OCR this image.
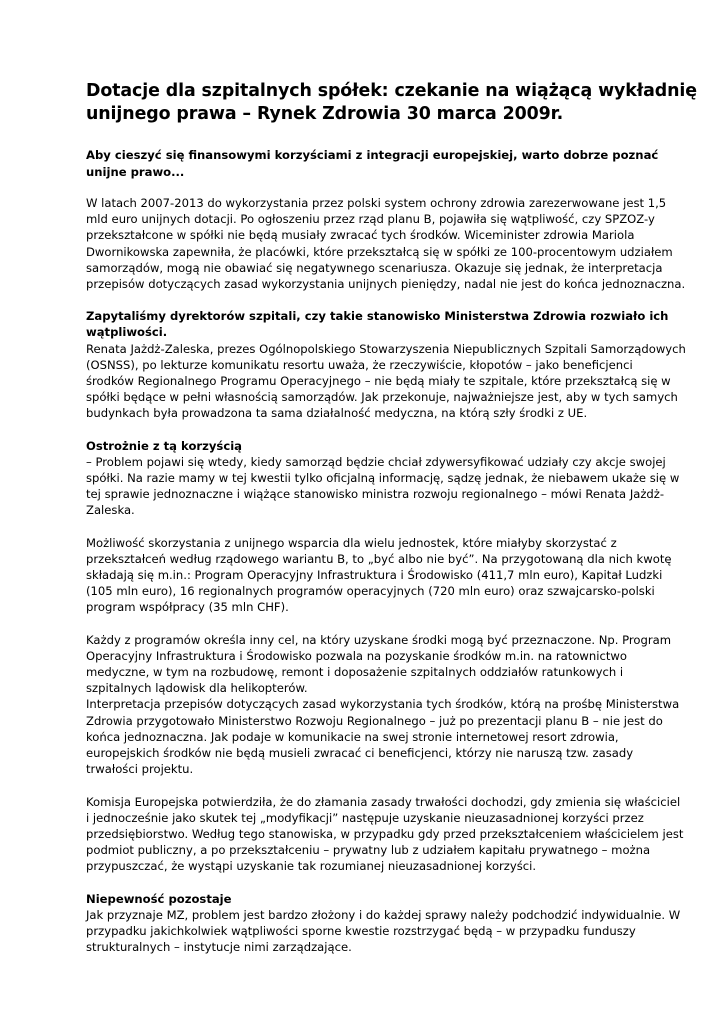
Dotacje dla szpitalnych spółek: czekanie na wiążącą wykładnię
unijnego prawa – Rynek Zdrowia 30 marca 2009r.
Aby cieszyć się finansowymi korzyściami z integracji europejskiej, warto dobrze poznać
unijne prawo...
W latach 2007-2013 do wykorzystania przez polski system ochrony zdrowia zarezerwowane jest 1,5
mld euro unijnych dotacji. Po ogłoszeniu przez rząd planu B, pojawiła się wątpliwość, czy SPZOZ-y
przekształcone w spółki nie będą musiały zwracać tych środków. Wiceminister zdrowia Mariola
Dwornikowska zapewniła, że placówki, które przekształcą się w spółki ze 100-procentowym udziałem
samorządów, mogą nie obawiać się negatywnego scenariusza. Okazuje się jednak, że interpretacja
przepisów dotyczących zasad wykorzystania unijnych pieniędzy, nadal nie jest do końca jednoznaczna.
Zapytaliśmy dyrektorów szpitali, czy takie stanowisko Ministerstwa Zdrowia rozwiało ich
wątpliwości.
Renata Jażdż-Zaleska, prezes Ogólnopolskiego Stowarzyszenia Niepublicznych Szpitali Samorządowych
(OSNSS), po lekturze komunikatu resortu uważa, że rzeczywiście, kłopotów – jako beneficjenci
środków Regionalnego Programu Operacyjnego – nie będą miały te szpitale, które przekształcą się w
spółki będące w pełni własnością samorządów. Jak przekonuje, najważniejsze jest, aby w tych samych
budynkach była prowadzona ta sama działalność medyczna, na którą szły środki z UE.
Ostrożnie z tą korzyścią
– Problem pojawi się wtedy, kiedy samorząd będzie chciał zdywersyfikować udziały czy akcje swojej
spółki. Na razie mamy w tej kwestii tylko oficjalną informację, sądzę jednak, że niebawem ukaże się w
tej sprawie jednoznaczne i wiążące stanowisko ministra rozwoju regionalnego – mówi Renata Jażdż-
Zaleska.
Możliwość skorzystania z unijnego wsparcia dla wielu jednostek, które miałyby skorzystać z
przekształceń według rządowego wariantu B, to „być albo nie być”. Na przygotowaną dla nich kwotę
składają się m.in.: Program Operacyjny Infrastruktura i Środowisko (411,7 mln euro), Kapitał Ludzki
(105 mln euro), 16 regionalnych programów operacyjnych (720 mln euro) oraz szwajcarsko-polski
program współpracy (35 mln CHF).
Każdy z programów określa inny cel, na który uzyskane środki mogą być przeznaczone. Np. Program
Operacyjny Infrastruktura i Środowisko pozwala na pozyskanie środków m.in. na ratownictwo
medyczne, w tym na rozbudowę, remont i doposażenie szpitalnych oddziałów ratunkowych i
szpitalnych lądowisk dla helikopterów.
Interpretacja przepisów dotyczących zasad wykorzystania tych środków, którą na prośbę Ministerstwa
Zdrowia przygotowało Ministerstwo Rozwoju Regionalnego – już po prezentacji planu B – nie jest do
końca jednoznaczna. Jak podaje w komunikacie na swej stronie internetowej resort zdrowia,
europejskich środków nie będą musieli zwracać ci beneficjenci, którzy nie naruszą tzw. zasady
trwałości projektu.
Komisja Europejska potwierdziła, że do złamania zasady trwałości dochodzi, gdy zmienia się właściciel
i jednocześnie jako skutek tej „modyfikacji” następuje uzyskanie nieuzasadnionej korzyści przez
przedsiębiorstwo. Według tego stanowiska, w przypadku gdy przed przekształceniem właścicielem jest
podmiot publiczny, a po przekształceniu – prywatny lub z udziałem kapitału prywatnego – można
przypuszczać, że wystąpi uzyskanie tak rozumianej nieuzasadnionej korzyści.
Niepewność pozostaje
Jak przyznaje MZ, problem jest bardzo złożony i do każdej sprawy należy podchodzić indywidualnie. W
przypadku jakichkolwiek wątpliwości sporne kwestie rozstrzygać będą – w przypadku funduszy
strukturalnych – instytucje nimi zarządzające.
